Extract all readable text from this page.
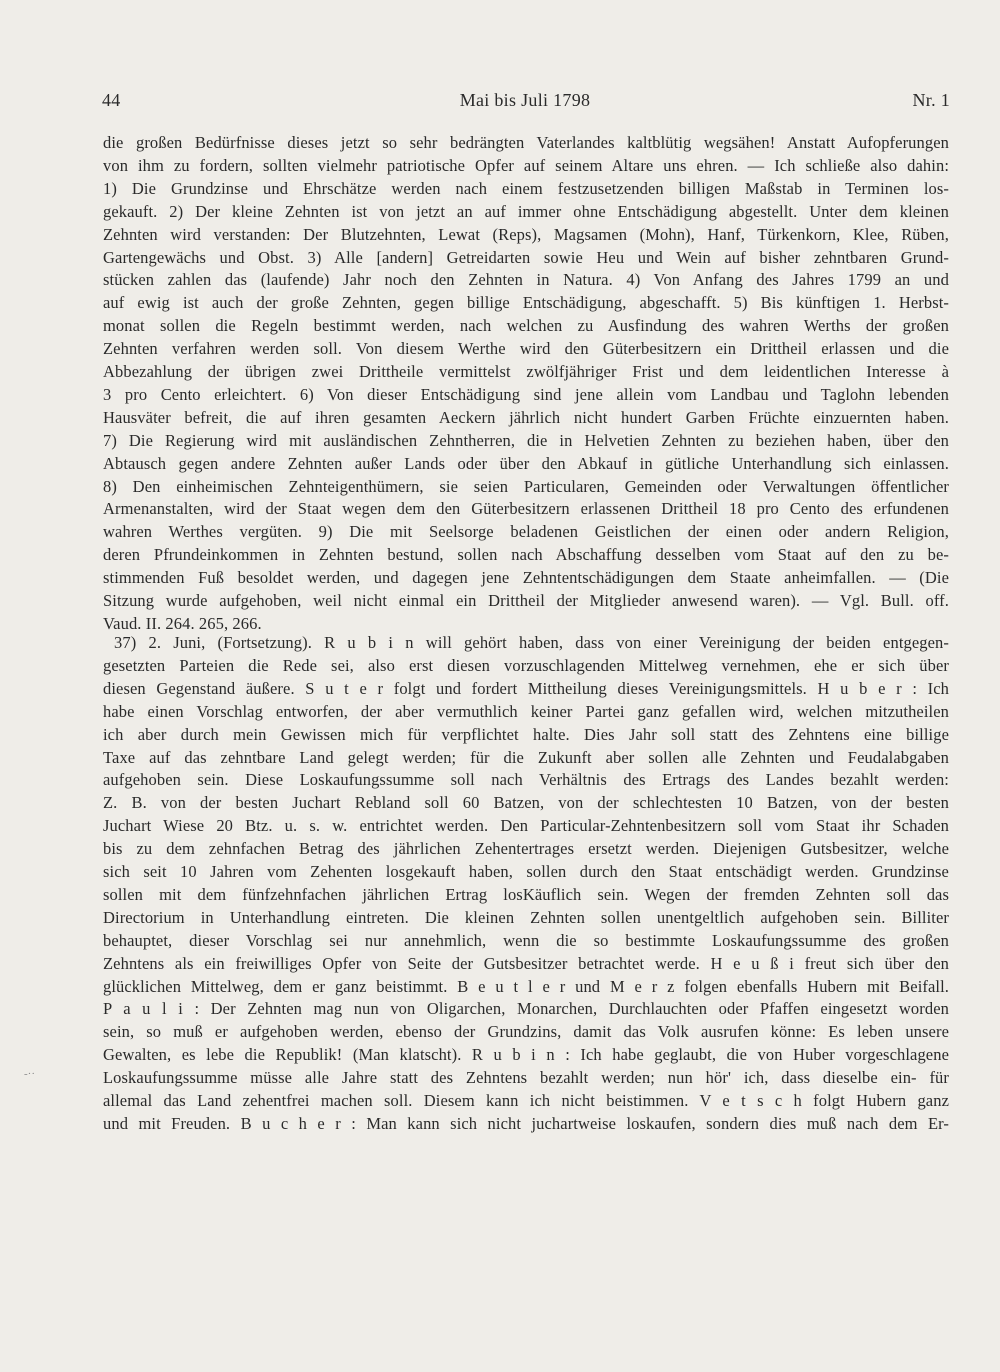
44	Mai bis Juli 1798	Nr. 1
die großen Bedürfnisse dieses jetzt so sehr bedrängten Vaterlandes kaltblütig wegsähen! Anstatt Aufopferungen
von ihm zu fordern, sollten vielmehr patriotische Opfer auf seinem Altare uns ehren. — Ich schließe also dahin:
1) Die Grundzinse und Ehrschätze werden nach einem festzusetzenden billigen Maßstab in Terminen los-
gekauft. 2) Der kleine Zehnten ist von jetzt an auf immer ohne Entschädigung abgestellt. Unter dem kleinen
Zehnten wird verstanden: Der Blutzehnten, Lewat (Reps), Magsamen (Mohn), Hanf, Türkenkorn, Klee, Rüben,
Gartengewächs und Obst. 3) Alle [andern] Getreidarten sowie Heu und Wein auf bisher zehntbaren Grund-
stücken zahlen das (laufende) Jahr noch den Zehnten in Natura. 4) Von Anfang des Jahres 1799 an und
auf ewig ist auch der große Zehnten, gegen billige Entschädigung, abgeschafft. 5) Bis künftigen 1. Herbst-
monat sollen die Regeln bestimmt werden, nach welchen zu Ausfindung des wahren Werths der großen
Zehnten verfahren werden soll. Von diesem Werthe wird den Güterbesitzern ein Drittheil erlassen und die
Abbezahlung der übrigen zwei Drittheile vermittelst zwölfjähriger Frist und dem leidentlichen Interesse à
3 pro Cento erleichtert. 6) Von dieser Entschädigung sind jene allein vom Landbau und Taglohn lebenden
Hausväter befreit, die auf ihren gesamten Aeckern jährlich nicht hundert Garben Früchte einzuernten haben.
7) Die Regierung wird mit ausländischen Zehntherren, die in Helvetien Zehnten zu beziehen haben, über den
Abtausch gegen andere Zehnten außer Lands oder über den Abkauf in gütliche Unterhandlung sich einlassen.
8) Den einheimischen Zehnteigenthümern, sie seien Particularen, Gemeinden oder Verwaltungen öffentlicher
Armenanstalten, wird der Staat wegen dem den Güterbesitzern erlassenen Drittheil 18 pro Cento des erfundenen
wahren Werthes vergüten. 9) Die mit Seelsorge beladenen Geistlichen der einen oder andern Religion,
deren Pfrundeinkommen in Zehnten bestund, sollen nach Abschaffung desselben vom Staat auf den zu be-
stimmenden Fuß besoldet werden, und dagegen jene Zehntentschädigungen dem Staate anheimfallen. — (Die
Sitzung wurde aufgehoben, weil nicht einmal ein Drittheil der Mitglieder anwesend waren). — Vgl. Bull. off.
Vaud. II. 264. 265, 266.
37) 2. Juni, (Fortsetzung). R u b i n will gehört haben, dass von einer Vereinigung der beiden entgegen-
gesetzten Parteien die Rede sei, also erst diesen vorzuschlagenden Mittelweg vernehmen, ehe er sich über
diesen Gegenstand äußere. S u t e r folgt und fordert Mittheilung dieses Vereinigungsmittels. H u b e r : Ich
habe einen Vorschlag entworfen, der aber vermuthlich keiner Partei ganz gefallen wird, welchen mitzutheilen
ich aber durch mein Gewissen mich für verpflichtet halte. Dies Jahr soll statt des Zehntens eine billige
Taxe auf das zehntbare Land gelegt werden; für die Zukunft aber sollen alle Zehnten und Feudalabgaben
aufgehoben sein. Diese Loskaufungssumme soll nach Verhältnis des Ertrags des Landes bezahlt werden:
Z. B. von der besten Juchart Rebland soll 60 Batzen, von der schlechtesten 10 Batzen, von der besten
Juchart Wiese 20 Btz. u. s. w. entrichtet werden. Den Particular-Zehntenbesitzern soll vom Staat ihr Schaden
bis zu dem zehnfachen Betrag des jährlichen Zehentertrages ersetzt werden. Diejenigen Gutsbesitzer, welche
sich seit 10 Jahren vom Zehenten losgekauft haben, sollen durch den Staat entschädigt werden. Grundzinse
sollen mit dem fünfzehnfachen jährlichen Ertrag losKäuflich sein. Wegen der fremden Zehnten soll das
Directorium in Unterhandlung eintreten. Die kleinen Zehnten sollen unentgeltlich aufgehoben sein. Billiter
behauptet, dieser Vorschlag sei nur annehmlich, wenn die so bestimmte Loskaufungssumme des großen
Zehntens als ein freiwilliges Opfer von Seite der Gutsbesitzer betrachtet werde. H e u ß i freut sich über den
glücklichen Mittelweg, dem er ganz beistimmt. B e u t l e r und M e r z folgen ebenfalls Hubern mit Beifall.
P a u l i : Der Zehnten mag nun von Oligarchen, Monarchen, Durchlauchten oder Pfaffen eingesetzt worden
sein, so muß er aufgehoben werden, ebenso der Grundzins, damit das Volk ausrufen könne: Es leben unsere
Gewalten, es lebe die Republik! (Man klatscht). R u b i n : Ich habe geglaubt, die von Huber vorgeschlagene
Loskaufungssumme müsse alle Jahre statt des Zehntens bezahlt werden; nun hör' ich, dass dieselbe ein- für
allemal das Land zehentfrei machen soll. Diesem kann ich nicht beistimmen. V e t s c h folgt Hubern ganz
und mit Freuden. B u c h e r : Man kann sich nicht juchartweise loskaufen, sondern dies muß nach dem Er-
-··
